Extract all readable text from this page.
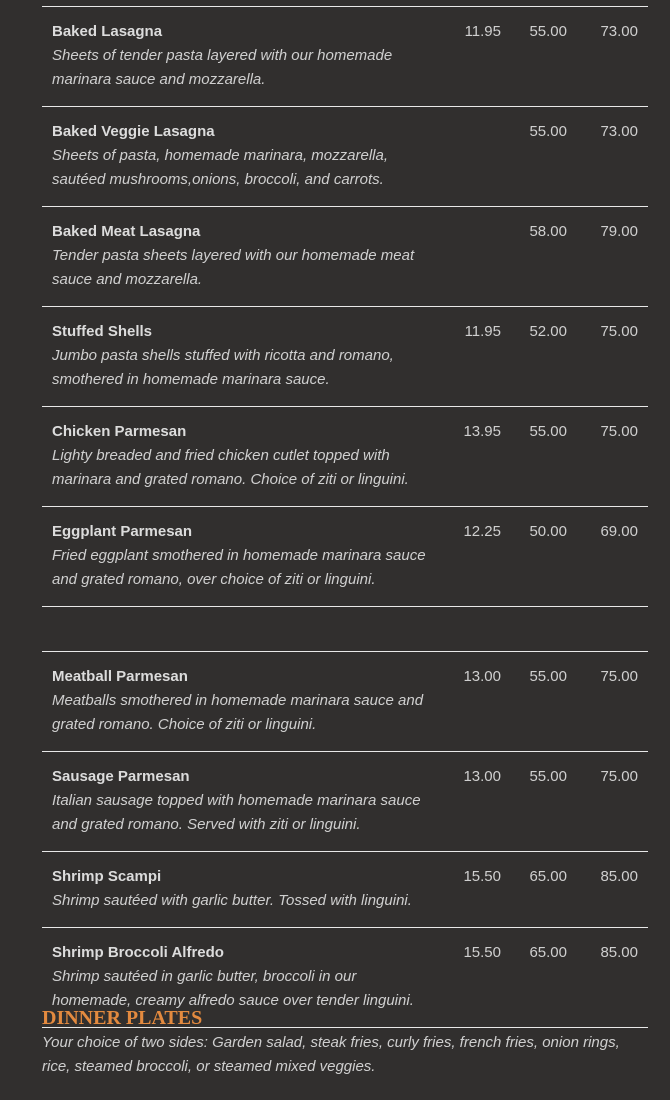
Baked Lasagna
Sheets of tender pasta layered with our homemade marinara sauce and mozzarella.
11.95 55.00 73.00
Baked Veggie Lasagna
Sheets of pasta, homemade marinara, mozzarella, sautéed mushrooms,onions, broccoli, and carrots.
55.00 73.00
Baked Meat Lasagna
Tender pasta sheets layered with our homemade meat sauce and mozzarella.
58.00 79.00
Stuffed Shells
Jumbo pasta shells stuffed with ricotta and romano, smothered in homemade marinara sauce.
11.95 52.00 75.00
Chicken Parmesan
Lighty breaded and fried chicken cutlet topped with marinara and grated romano. Choice of ziti or linguini.
13.95 55.00 75.00
Eggplant Parmesan
Fried eggplant smothered in homemade marinara sauce and grated romano, over choice of ziti or linguini.
12.25 50.00 69.00
Meatball Parmesan
Meatballs smothered in homemade marinara sauce and grated romano. Choice of ziti or linguini.
13.00 55.00 75.00
Sausage Parmesan
Italian sausage topped with homemade marinara sauce and grated romano. Served with ziti or linguini.
13.00 55.00 75.00
Shrimp Scampi
Shrimp sautéed with garlic butter. Tossed with linguini.
15.50 65.00 85.00
Shrimp Broccoli Alfredo
Shrimp sautéed in garlic butter, broccoli in our homemade, creamy alfredo sauce over tender linguini.
15.50 65.00 85.00
DINNER PLATES

Your choice of two sides: Garden salad, steak fries, curly fries, french fries, onion rings, rice, steamed broccoli, or steamed mixed veggies.
